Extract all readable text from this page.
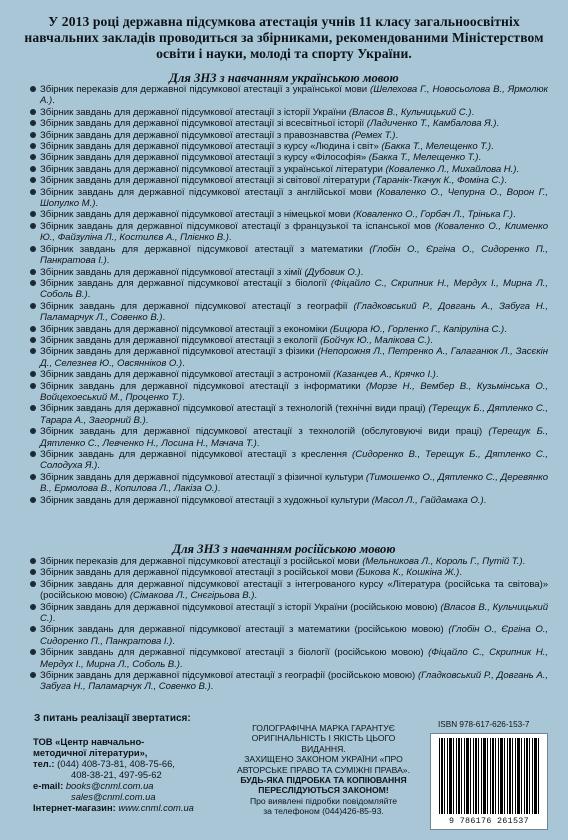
У 2013 році державна підсумкова атестація учнів 11 класу загальноосвітніх навчальних закладів проводиться за збірниками, рекомендованими Міністерством освіти і науки, молоді та спорту України.
Для ЗНЗ з навчанням українською мовою
Збірник переказів для державної підсумкової атестації з української мови (Шелехова Г., Новосьолова В., Ярмолюк А.).
Збірник завдань для державної підсумкової атестації з історії України (Власов В., Кульчицький С.).
Збірник завдань для державної підсумкової атестації зі всесвітньої історії (Ладиченко Т., Камбалова Я.).
Збірник завдань для державної підсумкової атестації з правознавства (Ремех Т.).
Збірник завдань для державної підсумкової атестації з курсу «Людина і світ» (Бакка Т., Мелещенко Т.).
Збірник завдань для державної підсумкової атестації з курсу «Філософія» (Бакка Т., Мелещенко Т.).
Збірник завдань для державної підсумкової атестації з української літератури (Коваленко Л., Михайлова Н.).
Збірник завдань для державної підсумкової атестації зі світової літератури (Таранік-Ткачук К., Фоміна С.).
Збірник завдань для державної підсумкової атестації з англійської мови (Коваленко О., Чепурна О., Ворон Г., Шопулко М.).
Збірник завдань для державної підсумкової атестації з німецької мови (Коваленко О., Горбач Л., Трінька Г.).
Збірник завдань для державної підсумкової атестації з французької та іспанської мов (Коваленко О., Клименко Ю., Файзуліна Л., Костилєв А., Плієнко В.).
Збірник завдань для державної підсумкової атестації з математики (Глобін О., Єргіна О., Сидоренко П., Панкратова І.).
Збірник завдань для державної підсумкової атестації з хімії (Дубовик О.).
Збірник завдань для державної підсумкової атестації з біології (Фіцайло С., Скрипник Н., Мердух І., Мирна Л., Соболь В.).
Збірник завдань для державної підсумкової атестації з географії (Гладковський Р., Довгань А., Забуга Н., Паламарчук Л., Совенко В.).
Збірник завдань для державної підсумкової атестації з економіки (Бицюра Ю., Горленко Г., Капіруліна С.).
Збірник завдань для державної підсумкової атестації з екології (Бойчук Ю., Малікова С.).
Збірник завдань для державної підсумкової атестації з фізики (Непорожня Л., Петренко А., Галаганюк Л., Засєкін Д., Селезнев Ю., Овсянніков О.).
Збірник завдань для державної підсумкової атестації з астрономії (Казанцев А., Крячко І.).
Збірник завдань для державної підсумкової атестації з інформатики (Морзе Н., Вембер В., Кузьмінська О., Войцехоеський М., Проценко Т.).
Збірник завдань для державної підсумкової атестації з технологій (технічні види праці) (Терещук Б., Дятленко С., Тарара А., Загорний В.).
Збірник завдань для державної підсумкової атестації з технологій (обслуговуючі види праці) (Терещук Б., Дятленко С., Левченко Н., Лосина Н., Мачача Т.).
Збірник завдань для державної підсумкової атестації з креслення (Сидоренко В., Терещук Б., Дятленко С., Солодуха Я.).
Збірник завдань для державної підсумкової атестації з фізичної культури (Тимошенко О., Дятленко С., Деревянко В., Ермолова В., Копилова Л., Лакіза О.).
Збірник завдань для державної підсумкової атестації з художньої культури (Масол Л., Гайдамака О.).
Для ЗНЗ з навчанням російською мовою
Збірник переказів для державної підсумкової атестації з російської мови (Мельникова Л., Король Г., Путій Т.).
Збірник завдань для державної підсумкової атестації з російської мови (Бикова К., Кошкіна Ж.).
Збірник завдань для державної підсумкової атестації з інтегрованого курсу «Література (російська та світова)» (російською мовою) (Сімакова Л., Снєгірьова В.).
Збірник завдань для державної підсумкової атестації з історії України (російською мовою) (Власов В., Кульчицький С.).
Збірник завдань для державної підсумкової атестації з математики (російською мовою) (Глобін О., Єргіна О., Сидоренко П., Панкратова І.).
Збірник завдань для державної підсумкової атестації з біології (російською мовою) (Фіцайло С., Скрипник Н., Мердух І., Мирна Л., Соболь В.).
Збірник завдань для державної підсумкової атестації з географії (російською мовою) (Гладковський Р., Довгань А., Забуга Н., Паламарчук Л., Совенко В.).
З питань реалізації звертатися:
ТОВ «Центр навчально-
методичної літератури»,
тел.: (044) 408-73-81, 408-75-66,
408-38-21, 497-95-62
e-mail: books@cnml.com.ua
sales@cnml.com.ua
Інтернет-магазин: www.cnml.com.ua
ГОЛОГРАФІЧНА МАРКА ГАРАНТУЄ
ОРИГІНАЛЬНІСТЬ І ЯКІСТЬ ЦЬОГО ВИДАННЯ.
ЗАХИЩЕНО ЗАКОНОМ УКРАЇНИ «ПРО
АВТОРСЬКЕ ПРАВО ТА СУМІЖНІ ПРАВА».
БУДЬ-ЯКА ПІДРОБКА ТА КОПІЮВАННЯ
ПЕРЕСЛІДУЮТЬСЯ ЗАКОНОМ!
Про виявлені підробки повідомляйте
за телефоном (044)426-85-93.
ISBN 978-617-626-153-7
9 786176 261537
